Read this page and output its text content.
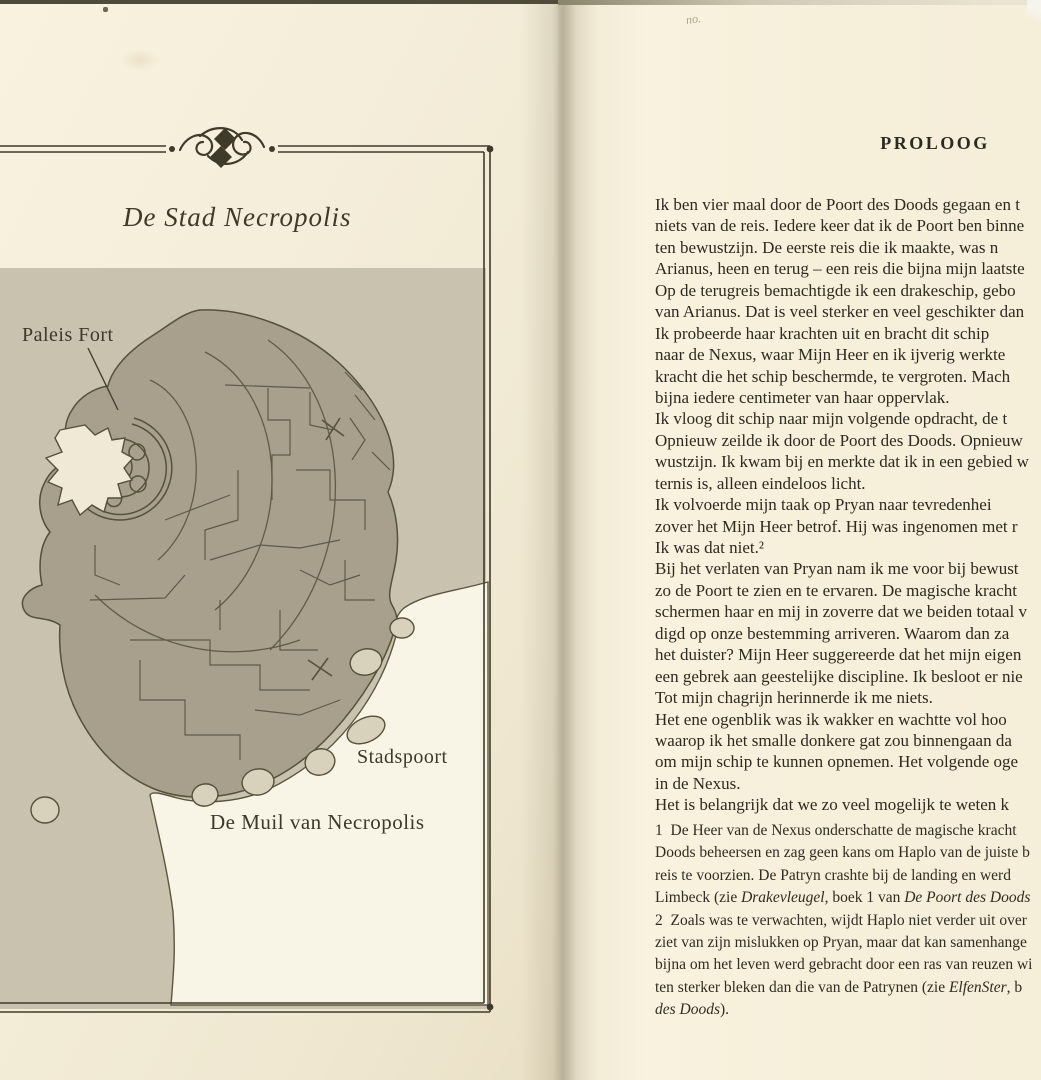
De Stad Necropolis
Paleis Fort
Stadspoort
De Muil van Necropolis
no.
PROLOOG
Ik ben vier maal door de Poort des Doods gegaan en t
niets van de reis. Iedere keer dat ik de Poort ben binne
ten bewustzijn. De eerste reis die ik maakte, was n
Arianus, heen en terug – een reis die bijna mijn laatste
Op de terugreis bemachtigde ik een drakeschip, gebo
van Arianus. Dat is veel sterker en veel geschikter dan
Ik probeerde haar krachten uit en bracht dit schip
naar de Nexus, waar Mijn Heer en ik ijverig werkte
kracht die het schip beschermde, te vergroten. Mach
bijna iedere centimeter van haar oppervlak.
Ik vloog dit schip naar mijn volgende opdracht, de t
Opnieuw zeilde ik door de Poort des Doods. Opnieuw
wustzijn. Ik kwam bij en merkte dat ik in een gebied w
ternis is, alleen eindeloos licht.
Ik volvoerde mijn taak op Pryan naar tevredenhei
zover het Mijn Heer betrof. Hij was ingenomen met r
Ik was dat niet.²
Bij het verlaten van Pryan nam ik me voor bij bewust
zo de Poort te zien en te ervaren. De magische kracht
schermen haar en mij in zoverre dat we beiden totaal v
digd op onze bestemming arriveren. Waarom dan za
het duister? Mijn Heer suggereerde dat het mijn eigen
een gebrek aan geestelijke discipline. Ik besloot er nie
Tot mijn chagrijn herinnerde ik me niets.
Het ene ogenblik was ik wakker en wachtte vol hoo
waarop ik het smalle donkere gat zou binnengaan da
om mijn schip te kunnen opnemen. Het volgende oge
in de Nexus.
Het is belangrijk dat we zo veel mogelijk te weten k
1  De Heer van de Nexus onderschatte de magische kracht
Doods beheersen en zag geen kans om Haplo van de juiste b
reis te voorzien. De Patryn crashte bij de landing en werd
Limbeck (zie Drakevleugel, boek 1 van De Poort des Doods
2  Zoals was te verwachten, wijdt Haplo niet verder uit over
ziet van zijn mislukken op Pryan, maar dat kan samenhange
bijna om het leven werd gebracht door een ras van reuzen wi
ten sterker bleken dan die van de Patrynen (zie ElfenSter, b
des Doods).
